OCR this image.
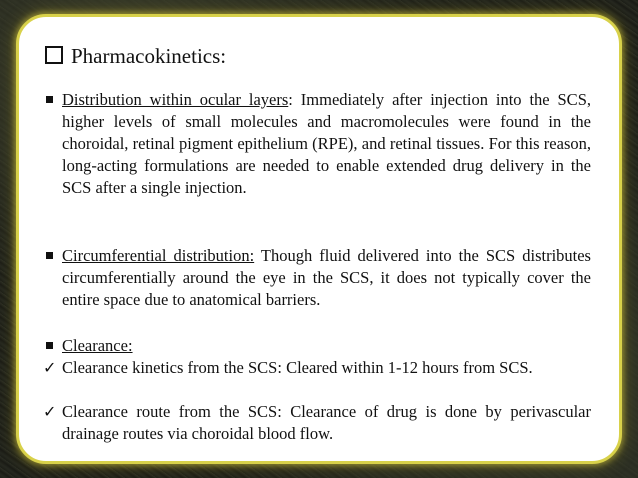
Pharmacokinetics:
Distribution within ocular layers: Immediately after injection into the SCS, higher levels of small molecules and macromolecules were found in the choroidal, retinal pigment epithelium (RPE), and retinal tissues. For this reason, long-acting formulations are needed to enable extended drug delivery in the SCS after a single injection.
Circumferential distribution: Though fluid delivered into the SCS distributes circumferentially around the eye in the SCS, it does not typically cover the entire space due to anatomical barriers.
Clearance:
✓ Clearance kinetics from the SCS: Cleared within 1-12 hours from SCS.
✓ Clearance route from the SCS: Clearance of drug is done by perivascular drainage routes via choroidal blood flow.
